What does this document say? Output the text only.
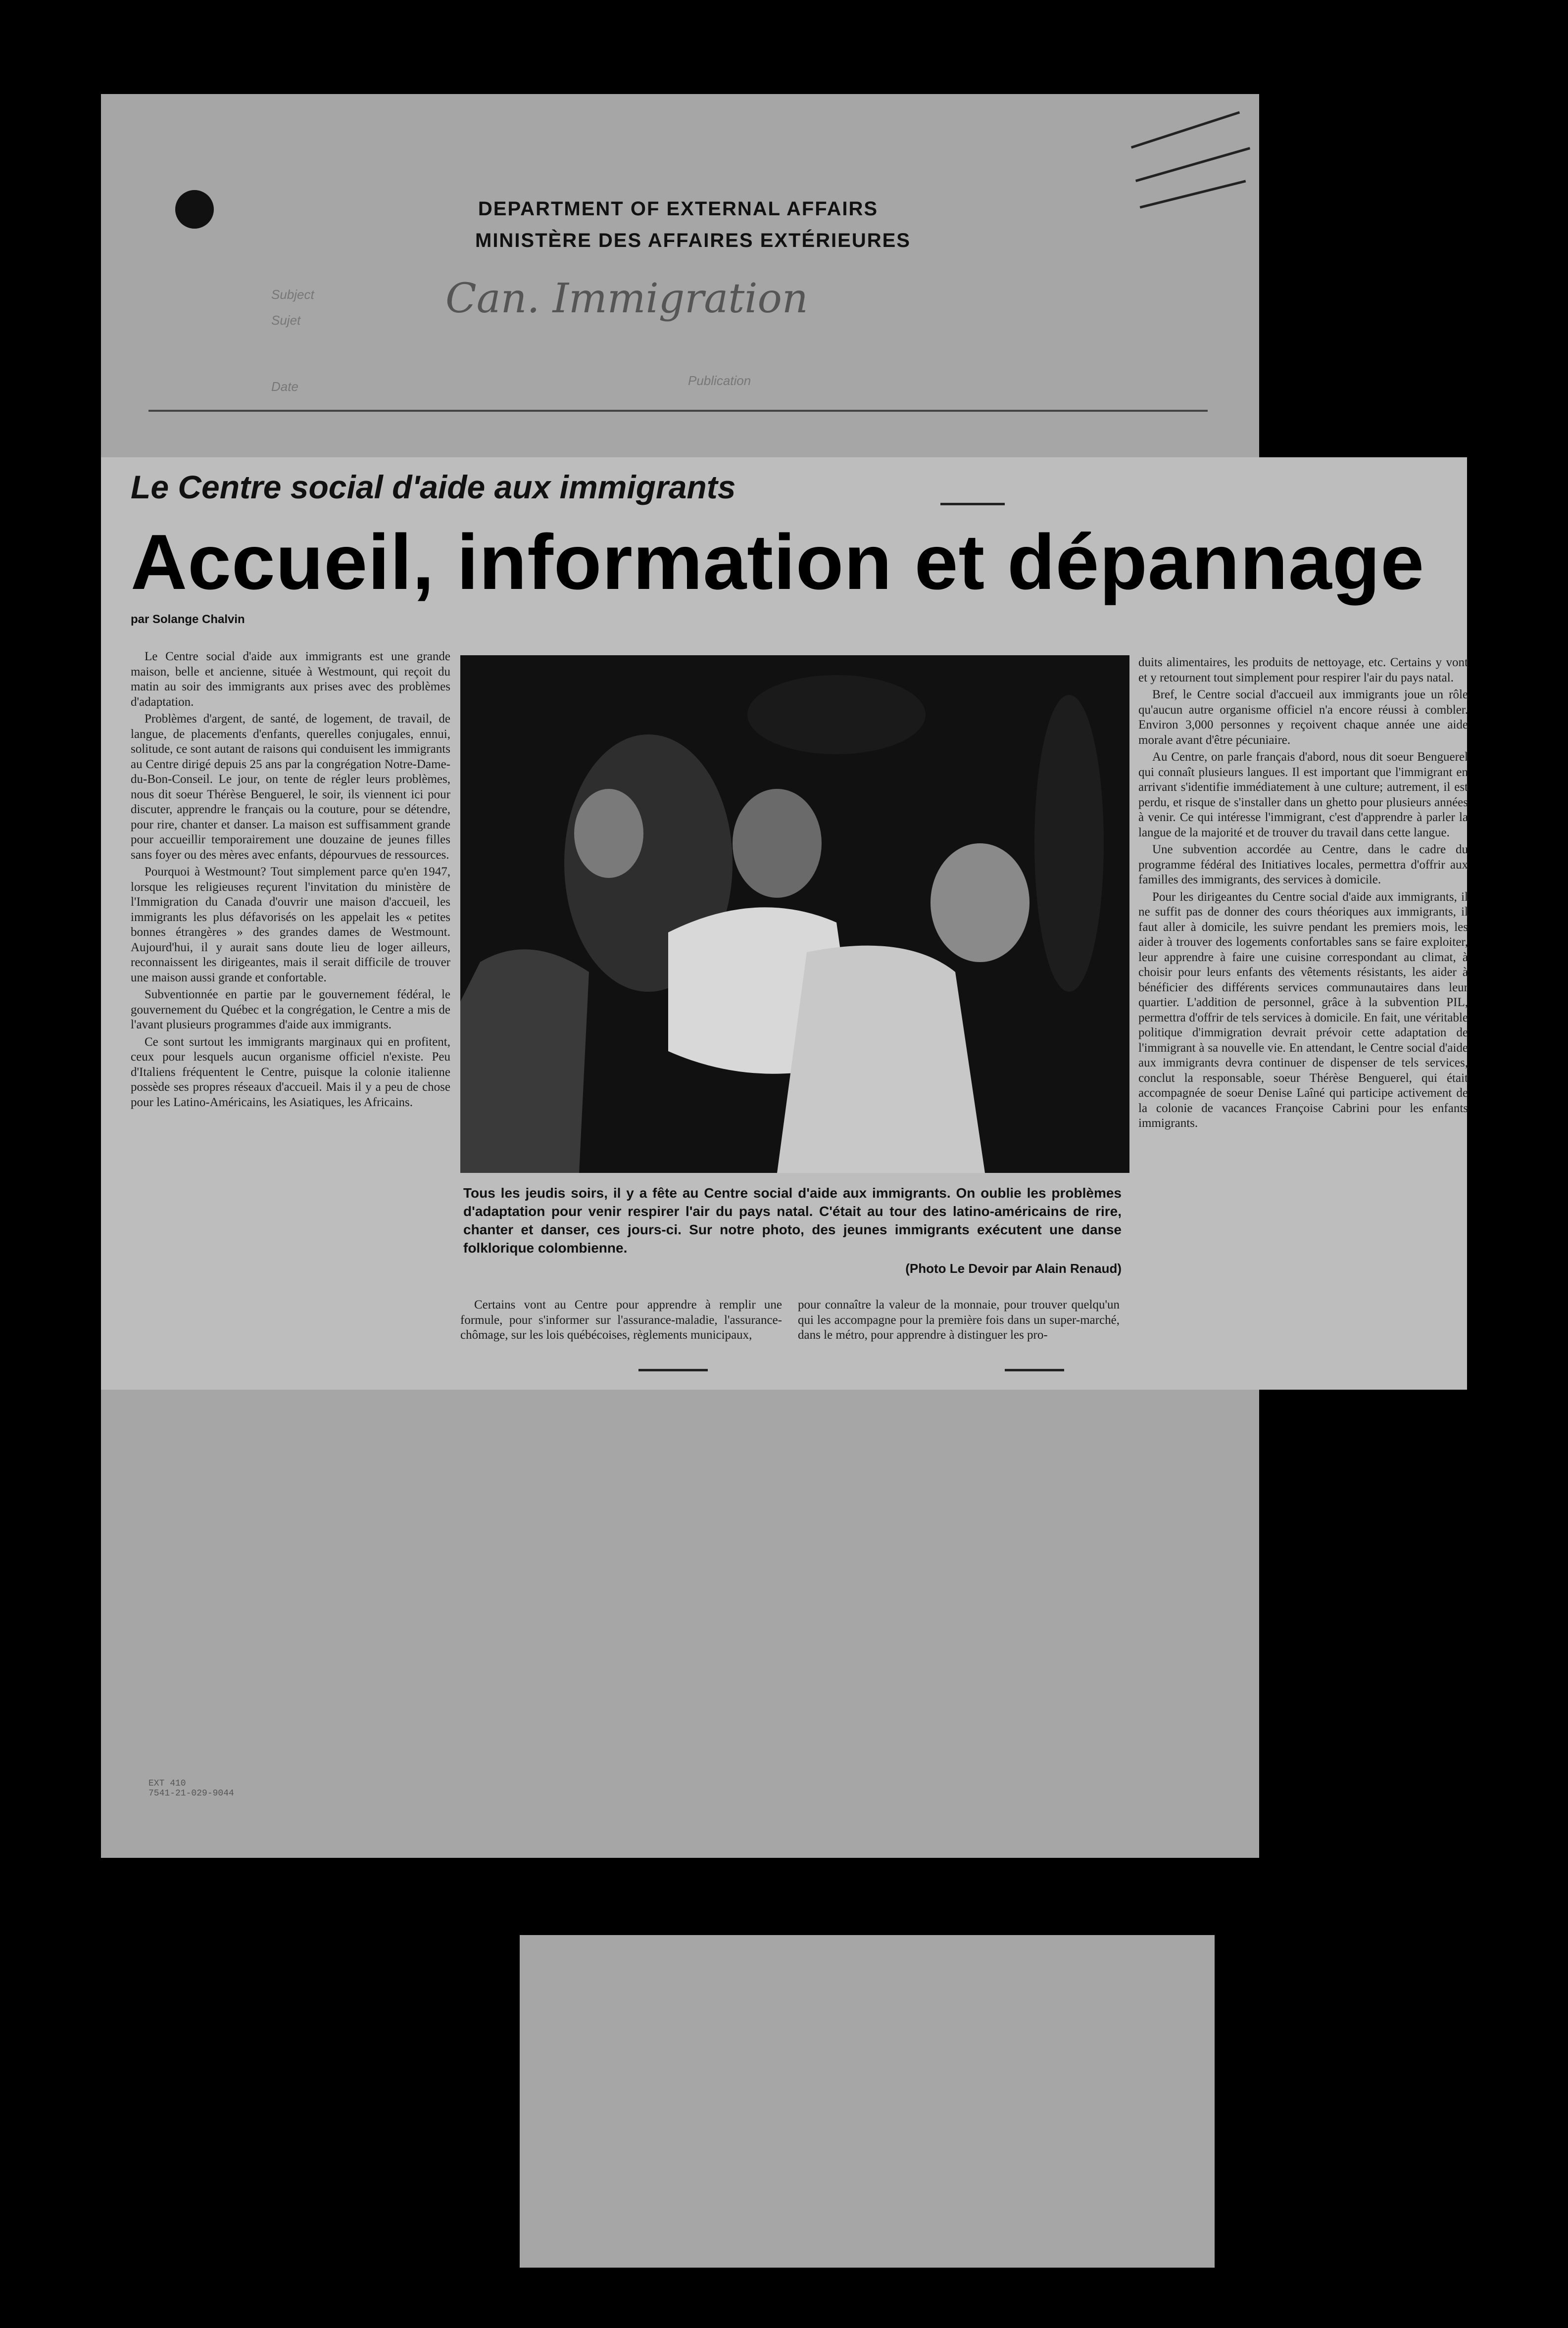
DEPARTMENT OF EXTERNAL AFFAIRS
MINISTÈRE DES AFFAIRES EXTÉRIEURES
Subject
Sujet	Can. Immigration
Date	Publication
Le Centre social d'aide aux immigrants
Accueil, information et dépannage
par Solange Chalvin

Le Centre social d'aide aux immigrants est une grande maison, belle et ancienne, située à Westmount, qui reçoit du matin au soir des immigrants aux prises avec des problèmes d'adaptation.

Problèmes d'argent, de santé, de logement, de travail, de langue, de placements d'enfants, querelles conjugales, ennui, solitude, ce sont autant de raisons qui conduisent les immigrants au Centre dirigé depuis 25 ans par la congrégation Notre-Dame-du-Bon-Conseil. Le jour, on tente de régler leurs problèmes, nous dit soeur Thérèse Benguerel, le soir, ils viennent ici pour discuter, apprendre le français ou la couture, pour se détendre, pour rire, chanter et danser. La maison est suffisamment grande pour accueillir temporairement une douzaine de jeunes filles sans foyer ou des mères avec enfants, dépourvues de ressources.

Pourquoi à Westmount? Tout simplement parce qu'en 1947, lorsque les religieuses reçurent l'invitation du ministère de l'Immigration du Canada d'ouvrir une maison d'accueil, les immigrants les plus défavorisés on les appelait les « petites bonnes étrangères » des grandes dames de Westmount. Aujourd'hui, il y aurait sans doute lieu de loger ailleurs, reconnaissent les dirigeantes, mais il serait difficile de trouver une maison aussi grande et confortable.

Subventionnée en partie par le gouvernement fédéral, le gouvernement du Québec et la congrégation, le Centre a mis de l'avant plusieurs programmes d'aide aux immigrants.

Ce sont surtout les immigrants marginaux qui en profitent, ceux pour lesquels aucun organisme officiel n'existe. Peu d'Italiens fréquentent le Centre, puisque la colonie italienne possède ses propres réseaux d'accueil. Mais il y a peu de chose pour les Latino-Américains, les Asiatiques, les Africains.

Tous les jeudis soirs, il y a fête au Centre social d'aide aux immigrants. On oublie les problèmes d'adaptation pour venir respirer l'air du pays natal. C'était au tour des latino-américains de rire, chanter et danser, ces jours-ci. Sur notre photo, des jeunes immigrants exécutent une danse folklorique colombienne.
(Photo Le Devoir par Alain Renaud)

Certains vont au Centre pour apprendre à remplir une formule, pour s'informer sur l'assurance-maladie, l'assurance-chômage, sur les lois québécoises, règlements municipaux,

pour connaître la valeur de la monnaie, pour trouver quelqu'un qui les accompagne pour la première fois dans un super-marché, dans le métro, pour apprendre à distinguer les pro-

duits alimentaires, les produits de nettoyage, etc. Certains y vont et y retournent tout simplement pour respirer l'air du pays natal.

Bref, le Centre social d'accueil aux immigrants joue un rôle qu'aucun autre organisme officiel n'a encore réussi à combler. Environ 3,000 personnes y reçoivent chaque année une aide morale avant d'être pécuniaire.

Au Centre, on parle français d'abord, nous dit soeur Benguerel qui connaît plusieurs langues. Il est important que l'immigrant en arrivant s'identifie immédiatement à une culture; autrement, il est perdu, et risque de s'installer dans un ghetto pour plusieurs années à venir. Ce qui intéresse l'immigrant, c'est d'apprendre à parler la langue de la majorité et de trouver du travail dans cette langue.

Une subvention accordée au Centre, dans le cadre du programme fédéral des Initiatives locales, permettra d'offrir aux familles des immigrants, des services à domicile.

Pour les dirigeantes du Centre social d'aide aux immigrants, il ne suffit pas de donner des cours théoriques aux immigrants, il faut aller à domicile, les suivre pendant les premiers mois, les aider à trouver des logements confortables sans se faire exploiter, leur apprendre à faire une cuisine correspondant au climat, à choisir pour leurs enfants des vêtements résistants, les aider à bénéficier des différents services communautaires dans leur quartier. L'addition de personnel, grâce à la subvention PIL, permettra d'offrir de tels services à domicile. En fait, une véritable politique d'immigration devrait prévoir cette adaptation de l'immigrant à sa nouvelle vie. En attendant, le Centre social d'aide aux immigrants devra continuer de dispenser de tels services, conclut la responsable, soeur Thérèse Benguerel, qui était accompagnée de soeur Denise Laîné qui participe activement de la colonie de vacances Françoise Cabrini pour les enfants immigrants.

EXT 410
7541-21-029-9044
